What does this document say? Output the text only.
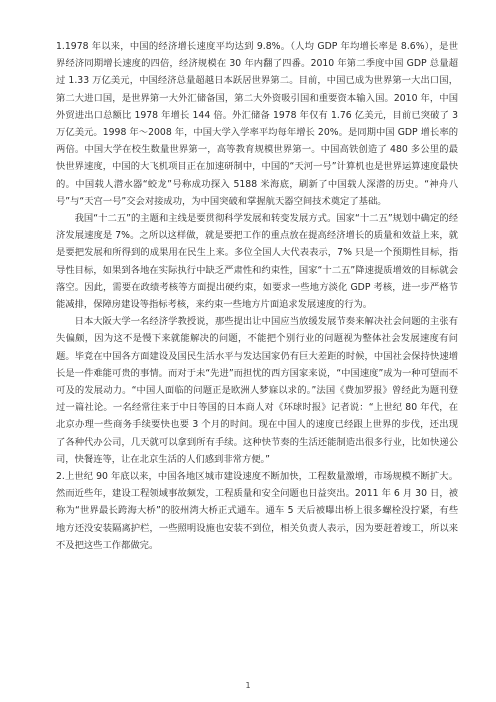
1.1978 年以来，中国的经济增长速度平均达到 9.8%。（人均 GDP 年均增长率是 8.6%），是世界经济同期增长速度的四倍，经济规模在 30 年内翻了四番。2010 年第二季度中国 GDP 总量超过 1.33 万亿美元，中国经济总量超越日本跃居世界第二。目前，中国已成为世界第一大出口国，第二大进口国，是世界第一大外汇储备国，第二大外资吸引国和重要资本输入国。2010 年，中国外贸进出口总额比 1978 年增长 144 倍。外汇储备 1978 年仅有 1.76 亿美元，目前已突破了 3 万亿美元。1998 年～2008 年，中国大学入学率平均每年增长 20%。是同期中国 GDP 增长率的两倍。中国大学在校生数量世界第一，高等教育规模世界第一。中国高铁创造了 480 多公里的最快世界速度，中国的大飞机项目正在加速研制中，中国的“天河一号”计算机也是世界运算速度最快的。中国载人潜水器“蛟龙”号称成功探入 5188 米海底，刷新了中国载人深潜的历史。“神舟八号”与“天宫一号”交会对接成功，为中国突破和掌握航天器空间技术奠定了基础。

我国“十二五”的主题和主线是要贯彻科学发展和转变发展方式。国家“十二五”规划中确定的经济发展速度是 7%。之所以这样做，就是要把工作的重点放在提高经济增长的质量和效益上来，就是要把发展和所得到的成果用在民生上来。多位全国人大代表表示，7% 只是一个预期性目标，指导性目标，如果到各地在实际执行中缺乏严肃性和约束性，国家“十二五”降速提质增效的目标就会落空。因此，需要在政绩考核等方面提出硬约束，如要求一些地方淡化 GDP 考核，进一步严格节能减排，保障房建设等指标考核，来约束一些地方片面追求发展速度的行为。

日本大阪大学一名经济学教授说，那些提出让中国应当放缓发展节奏来解决社会问题的主张有失偏颇，因为这不是慢下来就能解决的问题，不能把个别行业的问题视为整体社会发展速度有问题。毕竟在中国各方面建设及国民生活水平与发达国家仍有巨大差距的时候，中国社会保持快速增长是一件难能可贵的事情。而对于未“先进”而担忧的西方国家来说，“中国速度”成为一种可望而不可及的发展动力。“中国人面临的问题正是欧洲人梦寐以求的。”法国《费加罗报》曾经此为题刊登过一篇社论。一名经常往来于中日等国的日本商人对《环球时报》记者说：“上世纪 80 年代，在北京办理一些商务手续要快也要 3 个月的时间。现在中国人的速度已经跟上世界的步伐，还出现了各种代办公司，几天就可以拿到所有手续。这种快节奏的生活还能制造出很多行业，比如快递公司，快餐连等，让在北京生活的人们感到非常方便。”

2.上世纪 90 年底以来，中国各地区城市建设速度不断加快，工程数量激增，市场规模不断扩大。然而近些年，建设工程领域事故频发，工程质量和安全问题也日益突出。2011 年 6 月 30 日，被称为“世界最长跨海大桥”的胶州湾大桥正式通车。通车 5 天后被曝出桥上很多螺栓没拧紧，有些地方还没安装隔离护栏，一些照明设施也安装不到位，相关负责人表示，因为要赶着竣工，所以来不及把这些工作都做完。

1
